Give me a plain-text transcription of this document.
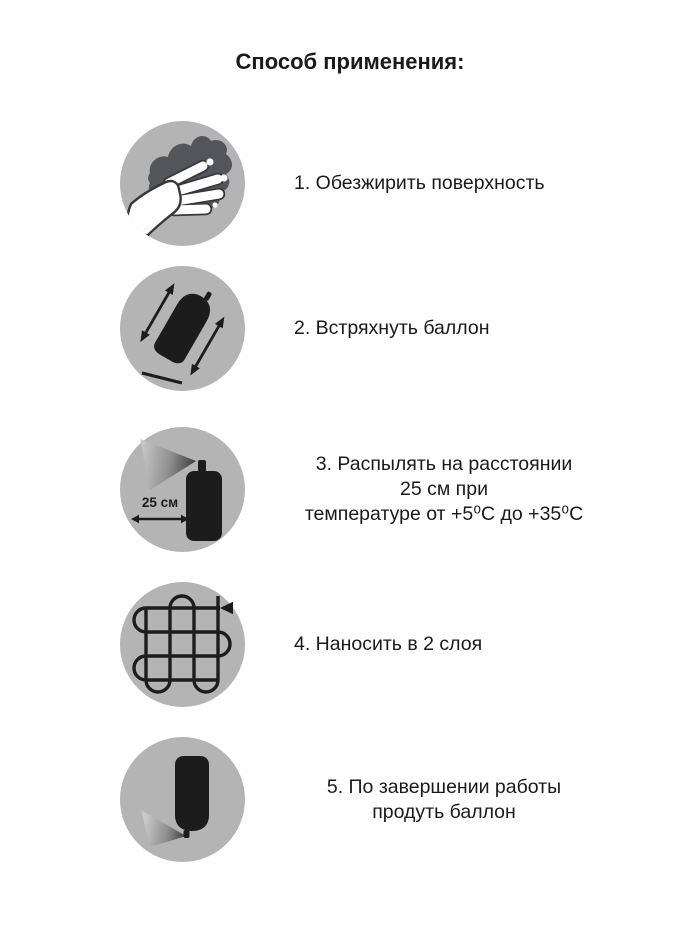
Способ применения:
1. Обезжирить поверхность
2. Встряхнуть баллон
25 см
3. Распылять на расстоянии
25 см при
температуре от +5⁰С до +35⁰С
4. Наносить в 2 слоя
5. По завершении работы
продуть баллон
